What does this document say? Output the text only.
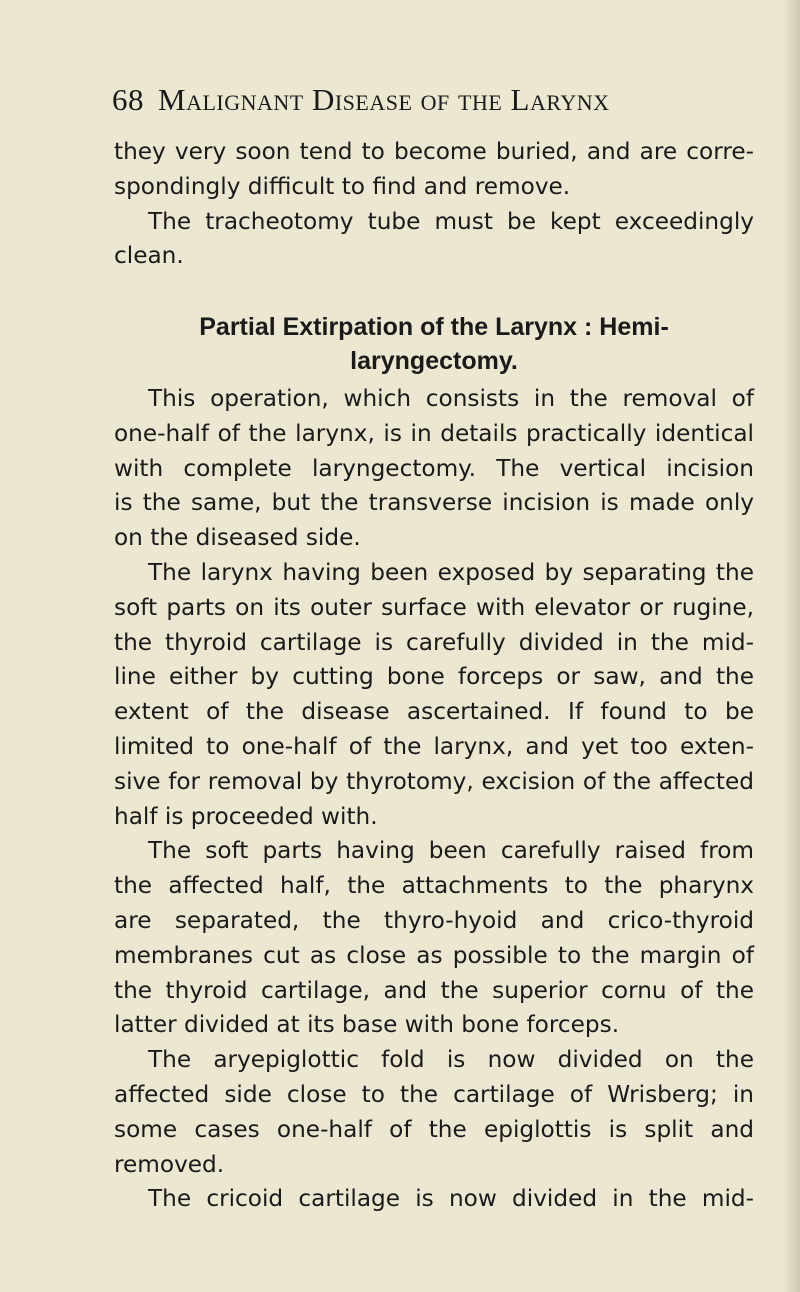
68 Malignant Disease of the Larynx

they very soon tend to become buried, and are corre-

spondingly difficult to find and remove.

The tracheotomy tube must be kept exceedingly

clean.

Partial Extirpation of the Larynx : Hemi-
laryngectomy.

This operation, which consists in the removal of

one-half of the larynx, is in details practically identical

with complete laryngectomy. The vertical incision

is the same, but the transverse incision is made only

on the diseased side.

The larynx having been exposed by separating the

soft parts on its outer surface with elevator or rugine,

the thyroid cartilage is carefully divided in the mid-

line either by cutting bone forceps or saw, and the

extent of the disease ascertained. If found to be

limited to one-half of the larynx, and yet too exten-

sive for removal by thyrotomy, excision of the affected

half is proceeded with.

The soft parts having been carefully raised from

the affected half, the attachments to the pharynx

are separated, the thyro-hyoid and crico-thyroid

membranes cut as close as possible to the margin of

the thyroid cartilage, and the superior cornu of the

latter divided at its base with bone forceps.

The aryepiglottic fold is now divided on the

affected side close to the cartilage of Wrisberg; in

some cases one-half of the epiglottis is split and

removed.

The cricoid cartilage is now divided in the mid-
